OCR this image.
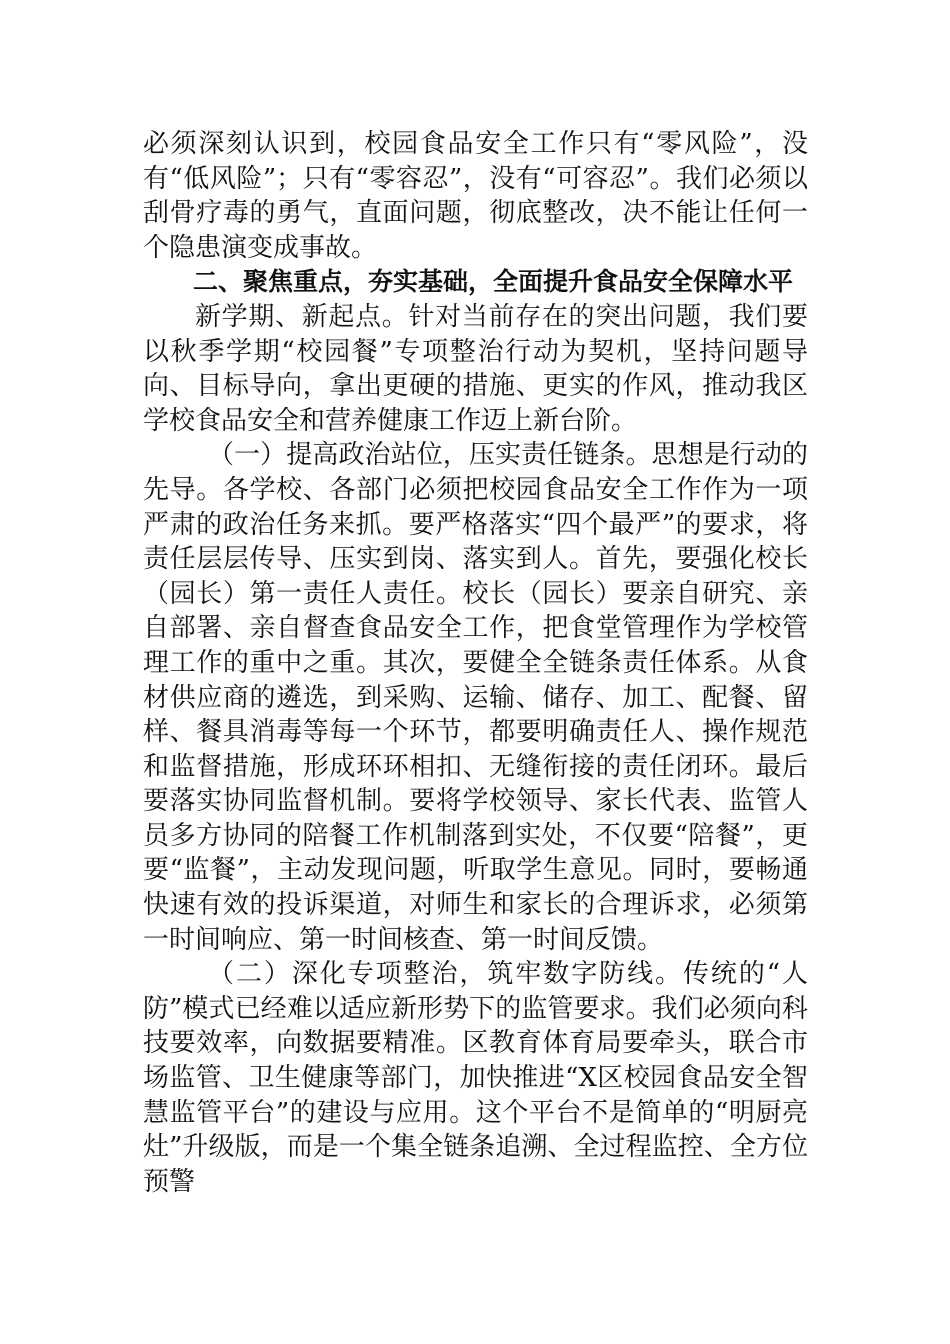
必须深刻认识到，校园食品安全工作只有“零风险”，没有“低风险”；只有“零容忍”，没有“可容忍”。我们必须以刮骨疗毒的勇气，直面问题，彻底整改，决不能让任何一个隐患演变成事故。

二、聚焦重点，夯实基础，全面提升食品安全保障水平

新学期、新起点。针对当前存在的突出问题，我们要以秋季学期“校园餐”专项整治行动为契机，坚持问题导向、目标导向，拿出更硬的措施、更实的作风，推动我区学校食品安全和营养健康工作迈上新台阶。

（一）提高政治站位，压实责任链条。思想是行动的先导。各学校、各部门必须把校园食品安全工作作为一项严肃的政治任务来抓。要严格落实“四个最严”的要求，将责任层层传导、压实到岗、落实到人。首先，要强化校长（园长）第一责任人责任。校长（园长）要亲自研究、亲自部署、亲自督查食品安全工作，把食堂管理作为学校管理工作的重中之重。其次，要健全全链条责任体系。从食材供应商的遴选，到采购、运输、储存、加工、配餐、留样、餐具消毒等每一个环节，都要明确责任人、操作规范和监督措施，形成环环相扣、无缝衔接的责任闭环。最后要落实协同监督机制。要将学校领导、家长代表、监管人员多方协同的陪餐工作机制落到实处，不仅要“陪餐”，更要“监餐”，主动发现问题，听取学生意见。同时，要畅通快速有效的投诉渠道，对师生和家长的合理诉求，必须第一时间响应、第一时间核查、第一时间反馈。

（二）深化专项整治，筑牢数字防线。传统的“人防”模式已经难以适应新形势下的监管要求。我们必须向科技要效率，向数据要精准。区教育体育局要牵头，联合市场监管、卫生健康等部门，加快推进“X区校园食品安全智慧监管平台”的建设与应用。这个平台不是简单的“明厨亮灶”升级版，而是一个集全链条追溯、全过程监控、全方位预警
